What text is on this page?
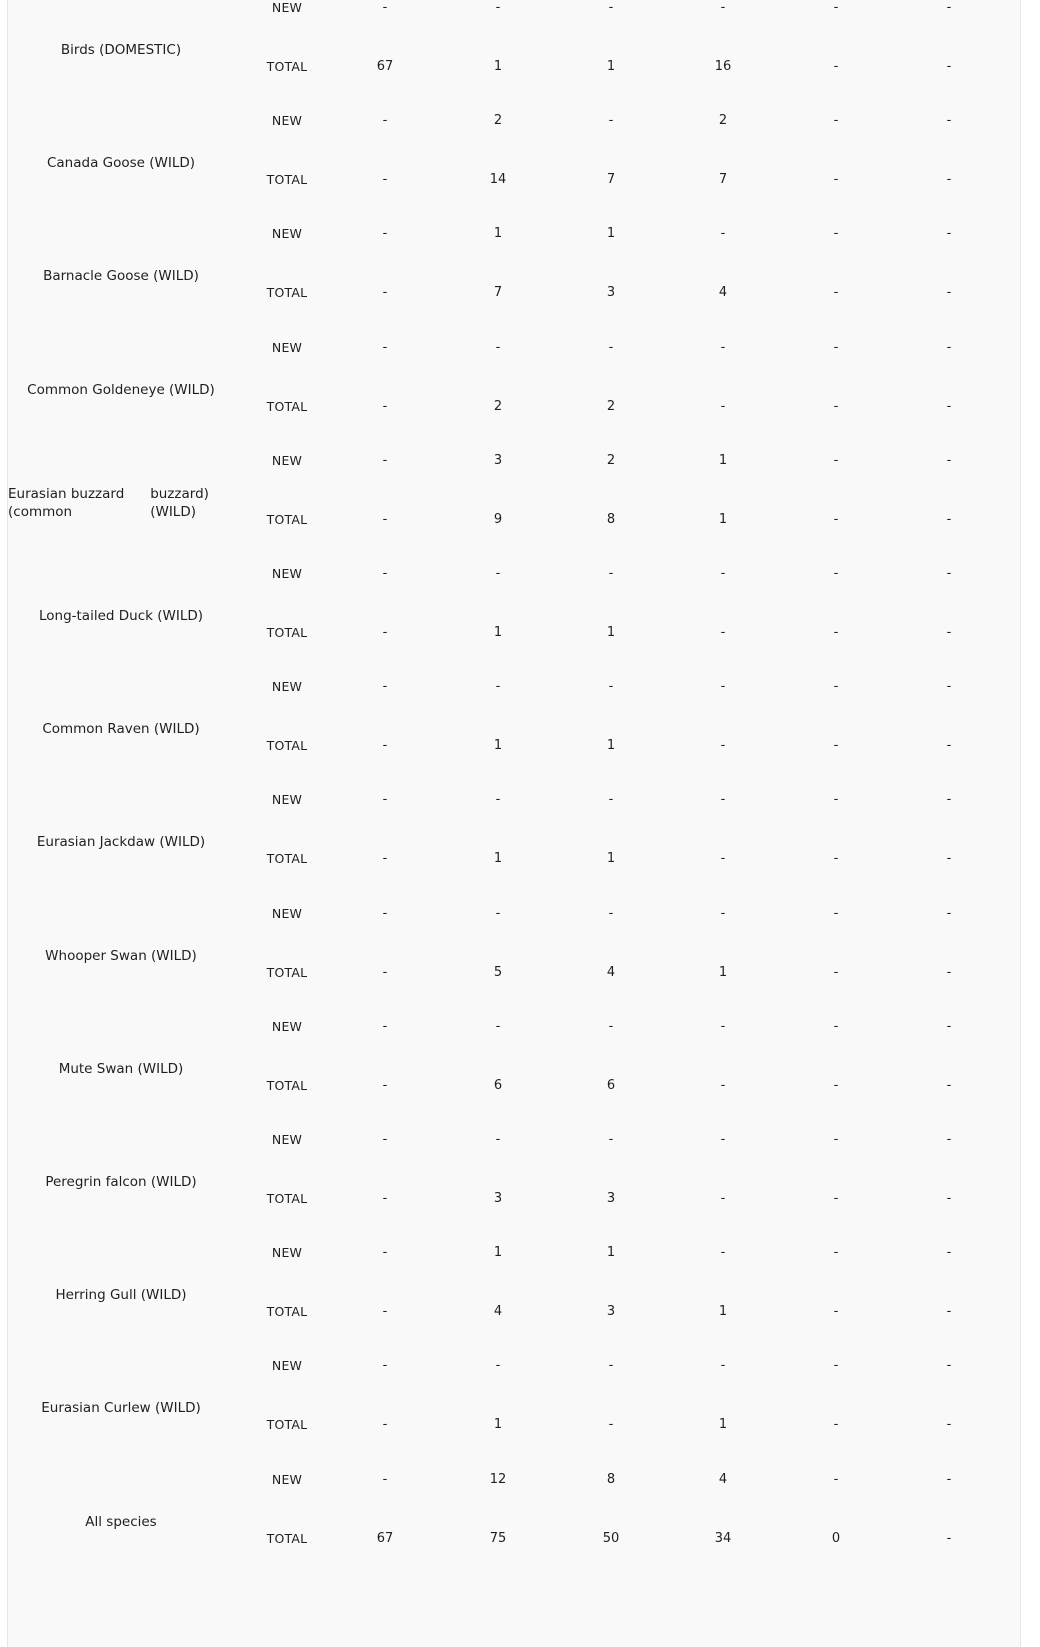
Birds (DOMESTIC)
NEW	-	-	-	-	-	-
TOTAL	67	1	1	16	-	-
Canada Goose (WILD)
NEW	-	2	-	2	-	-
TOTAL	-	14	7	7	-	-
Barnacle Goose (WILD)
NEW	-	1	1	-	-	-
TOTAL	-	7	3	4	-	-
Common Goldeneye (WILD)
NEW	-	-	-	-	-	-
TOTAL	-	2	2	-	-	-
Eurasian buzzard (common
buzzard) (WILD)
NEW	-	3	2	1	-	-
TOTAL	-	9	8	1	-	-
Long-tailed Duck (WILD)
NEW	-	-	-	-	-	-
TOTAL	-	1	1	-	-	-
Common Raven (WILD)
NEW	-	-	-	-	-	-
TOTAL	-	1	1	-	-	-
Eurasian Jackdaw (WILD)
NEW	-	-	-	-	-	-
TOTAL	-	1	1	-	-	-
Whooper Swan (WILD)
NEW	-	-	-	-	-	-
TOTAL	-	5	4	1	-	-
Mute Swan (WILD)
NEW	-	-	-	-	-	-
TOTAL	-	6	6	-	-	-
Peregrin falcon (WILD)
NEW	-	-	-	-	-	-
TOTAL	-	3	3	-	-	-
Herring Gull (WILD)
NEW	-	1	1	-	-	-
TOTAL	-	4	3	1	-	-
Eurasian Curlew (WILD)
NEW	-	-	-	-	-	-
TOTAL	-	1	-	1	-	-
All species
NEW	-	12	8	4	-	-
TOTAL	67	75	50	34	0	-
